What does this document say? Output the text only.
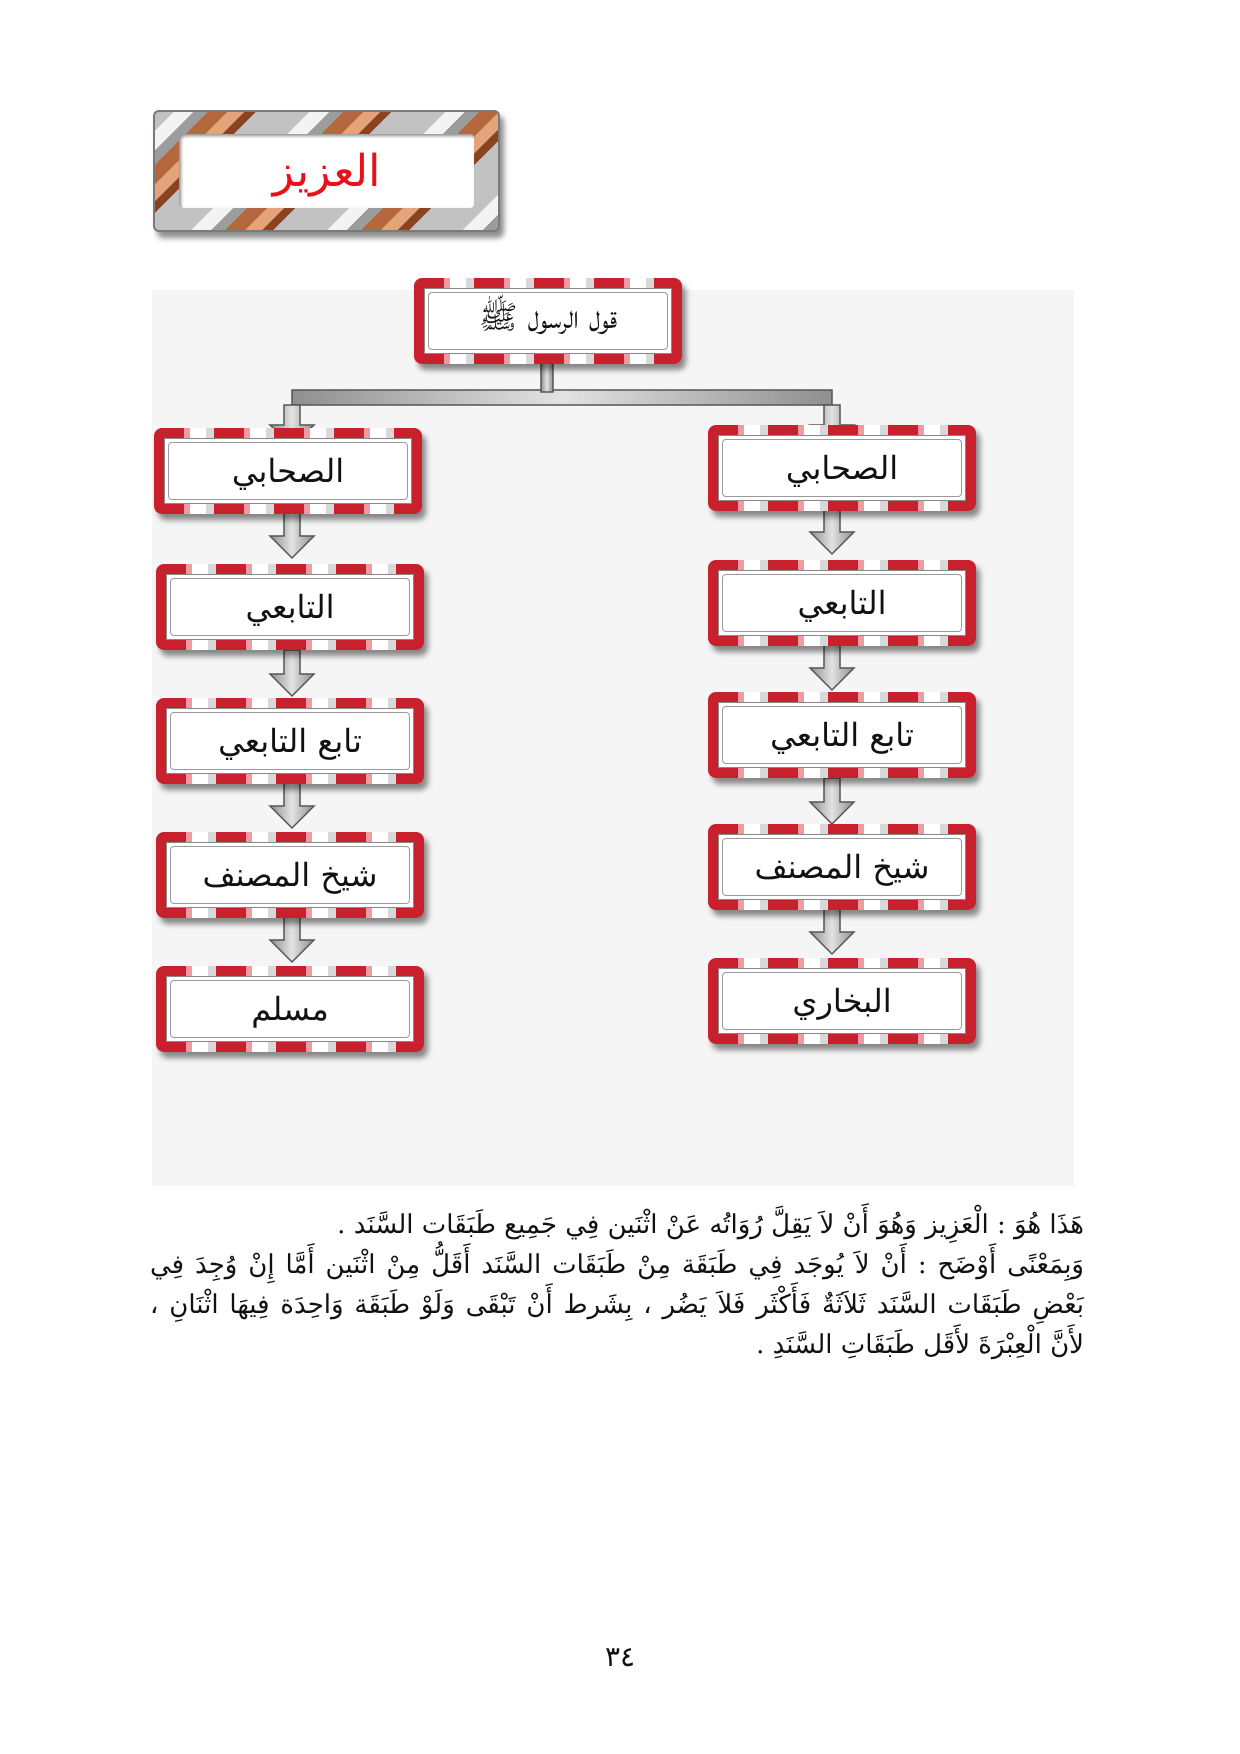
العزيز
قول الرسول ﷺ
الصحابي
التابعي
تابع التابعي
شيخ المصنف
البخاري
الصحابي
التابعي
تابع التابعي
شيخ المصنف
مسلم

هَذَا هُوَ : الْعَزِيز وَهُوَ أَنْ لاَ يَقِلَّ رُوَاتُه عَنْ اثْنَين فِي جَمِيع طَبَقَات السَّنَد .

وَبِمَعْنًى أَوْضَح : أَنْ لاَ يُوجَد فِي طَبَقَة مِنْ طَبَقَات السَّنَد أَقَلُّ مِنْ اثْنَين أَمَّا إِنْ وُجِدَ فِي بَعْضِ طَبَقَات السَّنَد ثَلاَثَةٌ فَأَكْثَر فَلاَ يَضُر ، بِشَرط أَنْ تَبْقَى وَلَوْ طَبَقَة وَاحِدَة فِيهَا اثْنَانِ ، لأَنَّ الْعِبْرَةَ لأَقَل طَبَقَاتِ السَّنَدِ .

٣٤
